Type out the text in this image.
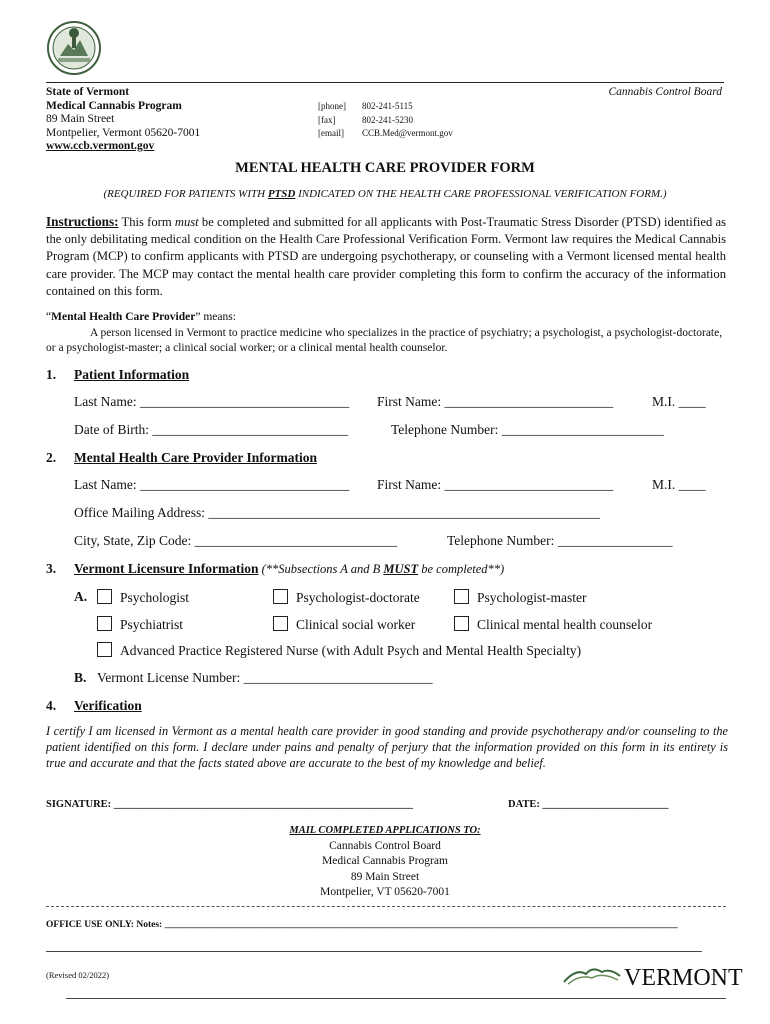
State of Vermont
Medical Cannabis Program
89 Main Street
Montpelier, Vermont 05620-7001
www.ccb.vermont.gov
[phone] 802-241-5115
[fax]	802-241-5230
[email] CCB.Med@vermont.gov
Cannabis Control Board
MENTAL HEALTH CARE PROVIDER FORM
(REQUIRED FOR PATIENTS WITH PTSD INDICATED ON THE HEALTH CARE PROFESSIONAL VERIFICATION FORM.)
Instructions: This form must be completed and submitted for all applicants with Post-Traumatic Stress Disorder (PTSD) identified as the only debilitating medical condition on the Health Care Professional Verification Form. Vermont law requires the Medical Cannabis Program (MCP) to confirm applicants with PTSD are undergoing psychotherapy, or counseling with a Vermont licensed mental health care provider. The MCP may contact the mental health care provider completing this form to confirm the accuracy of the information contained on this form.
“Mental Health Care Provider” means:
A person licensed in Vermont to practice medicine who specializes in the practice of psychiatry; a psychologist, a psychologist-doctorate, or a psychologist-master; a clinical social worker; or a clinical mental health counselor.
1. Patient Information
Last Name: _______________________________ First Name: _________________________	M.I. ____
Date of Birth: _____________________________	Telephone Number: ________________________
2. Mental Health Care Provider Information
Last Name: _______________________________ First Name: _________________________	M.I. ____
Office Mailing Address: __________________________________________________________
City, State, Zip Code: ______________________________	Telephone Number: _________________
3. Vermont Licensure Information (**Subsections A and B MUST be completed**)
A.	Psychologist	Psychologist-doctorate	Psychologist-master
Psychiatrist	Clinical social worker	Clinical mental health counselor
Advanced Practice Registered Nurse (with Adult Psych and Mental Health Specialty)
B. Vermont License Number: ____________________________
4. Verification
I certify I am licensed in Vermont as a mental health care provider in good standing and provide psychotherapy and/or counseling to the patient identified on this form. I declare under pains and penalty of perjury that the information provided on this form in its entirety is true and accurate and that the facts stated above are accurate to the best of my knowledge and belief.
SIGNATURE: _________________________________________________________	DATE: ________________________
MAIL COMPLETED APPLICATIONS TO:
Cannabis Control Board
Medical Cannabis Program
89 Main Street
Montpelier, VT 05620-7001
OFFICE USE ONLY: Notes: ____________________________________________________________________________________________________________
(Revised 02/2022)	VERMONT
